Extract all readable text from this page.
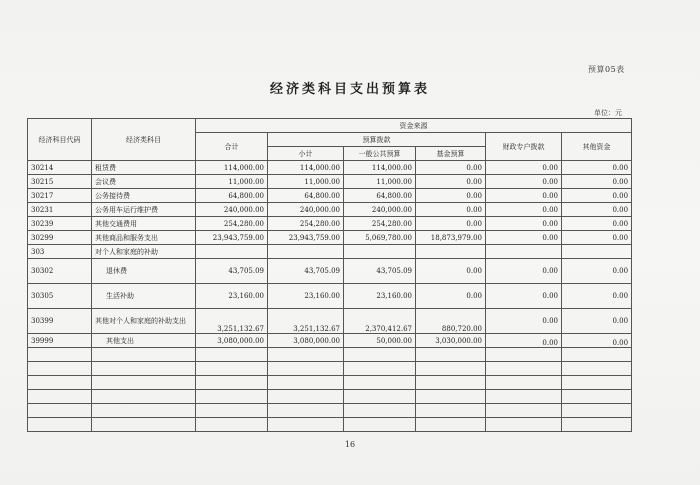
预算05表
经济类科目支出预算表
单位：元
经济科目代码	经济类科目	资金来源					
		合计	预算拨款			财政专户拨款	其他资金
			小计	一般公共预算	基金预算		

30214	租赁费	114,000.00	114,000.00	114,000.00	0.00	0.00	0.00
30215	会议费	11,000.00	11,000.00	11,000.00	0.00	0.00	0.00
30217	公务接待费	64,800.00	64,800.00	64,800.00	0.00	0.00	0.00
30231	公务用车运行维护费	240,000.00	240,000.00	240,000.00	0.00	0.00	0.00
30239	其他交通费用	254,280.00	254,280.00	254,280.00	0.00	0.00	0.00
30299	其他商品和服务支出	23,943,759.00	23,943,759.00	5,069,780.00	18,873,979.00	0.00	0.00
303	对个人和家庭的补助						
30302	退休费	43,705.09	43,705.09	43,705.09	0.00	0.00	0.00
30305	生活补助	23,160.00	23,160.00	23,160.00	0.00	0.00	0.00
30399	其他对个人和家庭的补助支出	3,251,132.67	3,251,132.67	2,370,412.67	880,720.00	0.00	0.00
39999	其他支出	3,080,000.00	3,080,000.00	50,000.00	3,030,000.00	0.00	0.00

16
